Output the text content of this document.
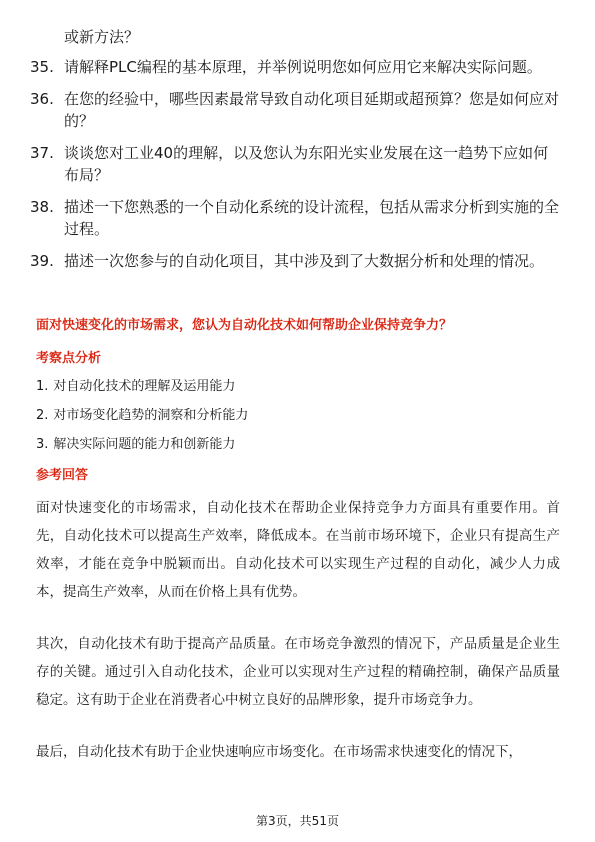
或新方法？
35. 请解释PLC编程的基本原理，并举例说明您如何应用它来解决实际问题。
36. 在您的经验中，哪些因素最常导致自动化项目延期或超预算？您是如何应对的？
37. 谈谈您对工业40的理解，以及您认为东阳光实业发展在这一趋势下应如何布局？
38. 描述一下您熟悉的一个自动化系统的设计流程，包括从需求分析到实施的全过程。
39. 描述一次您参与的自动化项目，其中涉及到了大数据分析和处理的情况。
面对快速变化的市场需求，您认为自动化技术如何帮助企业保持竞争力？
考察点分析
1. 对自动化技术的理解及运用能力
2. 对市场变化趋势的洞察和分析能力
3. 解决实际问题的能力和创新能力
参考回答

面对快速变化的市场需求，自动化技术在帮助企业保持竞争力方面具有重要作用。首先，自动化技术可以提高生产效率，降低成本。在当前市场环境下，企业只有提高生产效率，才能在竞争中脱颖而出。自动化技术可以实现生产过程的自动化，减少人力成本，提高生产效率，从而在价格上具有优势。

其次，自动化技术有助于提高产品质量。在市场竞争激烈的情况下，产品质量是企业生存的关键。通过引入自动化技术，企业可以实现对生产过程的精确控制，确保产品质量稳定。这有助于企业在消费者心中树立良好的品牌形象，提升市场竞争力。

最后，自动化技术有助于企业快速响应市场变化。在市场需求快速变化的情况下，

第3页，共51页
